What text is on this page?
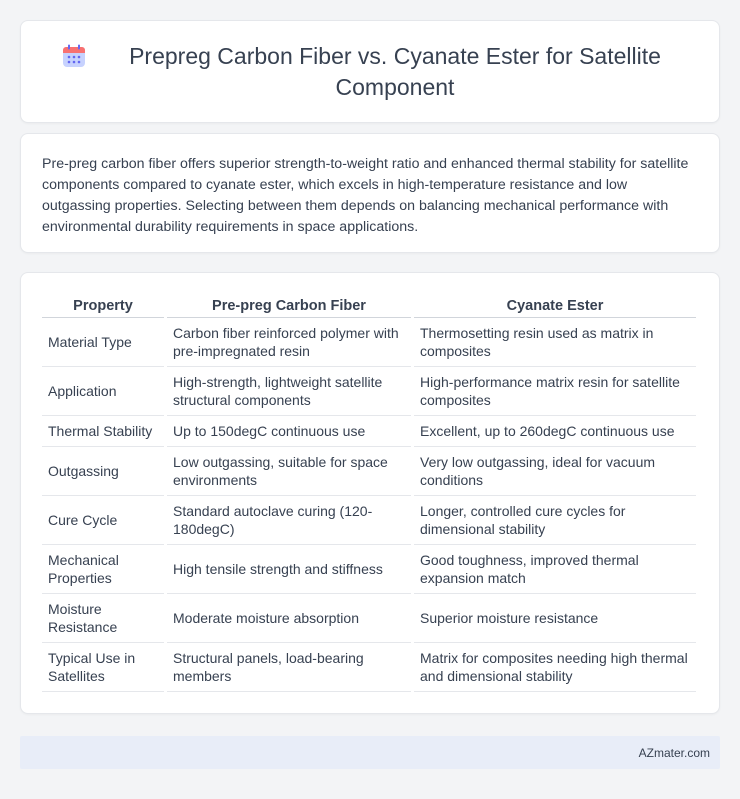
Prepreg Carbon Fiber vs. Cyanate Ester for Satellite Component

Pre-preg carbon fiber offers superior strength-to-weight ratio and enhanced thermal stability for satellite components compared to cyanate ester, which excels in high-temperature resistance and low outgassing properties. Selecting between them depends on balancing mechanical performance with environmental durability requirements in space applications.

Property	Pre-preg Carbon Fiber	Cyanate Ester
Material Type	Carbon fiber reinforced polymer with pre-impregnated resin	Thermosetting resin used as matrix in composites
Application	High-strength, lightweight satellite structural components	High-performance matrix resin for satellite composites
Thermal Stability	Up to 150degC continuous use	Excellent, up to 260degC continuous use
Outgassing	Low outgassing, suitable for space environments	Very low outgassing, ideal for vacuum conditions
Cure Cycle	Standard autoclave curing (120-180degC)	Longer, controlled cure cycles for dimensional stability
Mechanical Properties	High tensile strength and stiffness	Good toughness, improved thermal expansion match
Moisture Resistance	Moderate moisture absorption	Superior moisture resistance
Typical Use in Satellites	Structural panels, load-bearing members	Matrix for composites needing high thermal and dimensional stability
AZmater.com
